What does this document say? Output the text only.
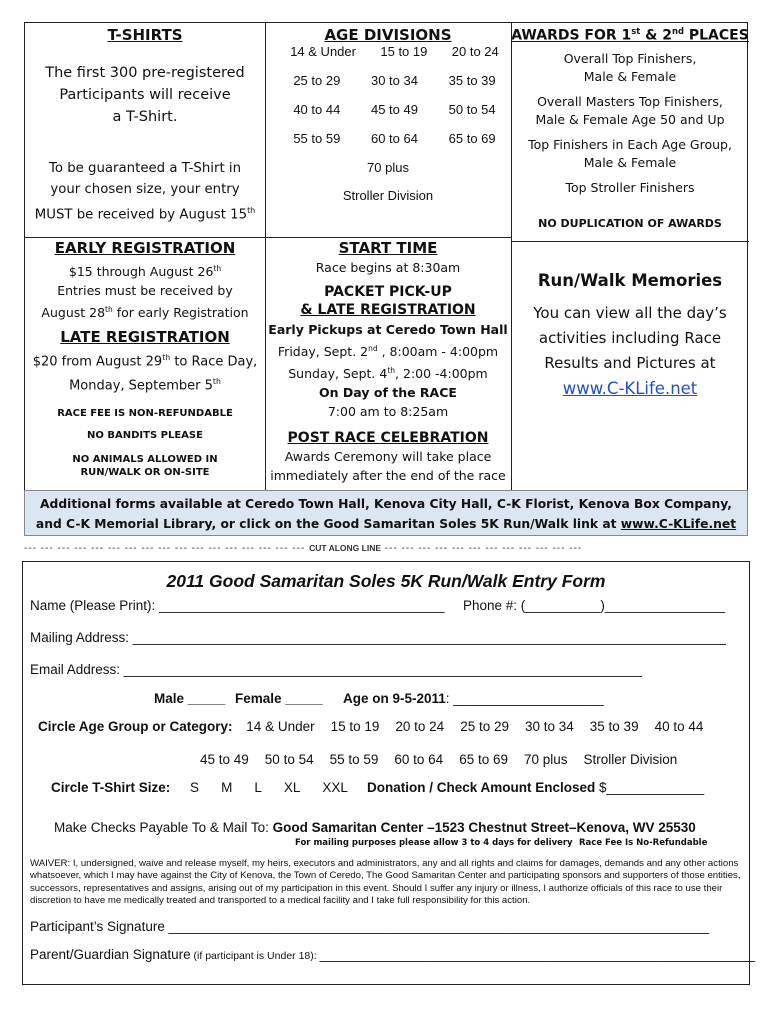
T-SHIRTS
The first 300 pre-registered
Participants will receive
a T-Shirt.
To be guaranteed a T-Shirt in
your chosen size, your entry
MUST be received by August 15th
AGE DIVISIONS
14 & Under 15 to 19 20 to 24
25 to 29 30 to 34 35 to 39
40 to 44 45 to 49 50 to 54
55 to 59 60 to 64 65 to 69
70 plus
Stroller Division
AWARDS FOR 1st & 2nd PLACES
Overall Top Finishers,
Male & Female
Overall Masters Top Finishers,
Male & Female Age 50 and Up
Top Finishers in Each Age Group,
Male & Female
Top Stroller Finishers
NO DUPLICATION OF AWARDS
EARLY REGISTRATION
$15 through August 26th
Entries must be received by
August 28th for early Registration
LATE REGISTRATION
$20 from August 29th to Race Day,
Monday, September 5th
RACE FEE IS NON-REFUNDABLE
NO BANDITS PLEASE
NO ANIMALS ALLOWED IN
RUN/WALK OR ON-SITE
START TIME
Race begins at 8:30am
PACKET PICK-UP
& LATE REGISTRATION
Early Pickups at Ceredo Town Hall
Friday, Sept. 2nd , 8:00am - 4:00pm
Sunday, Sept. 4th, 2:00 -4:00pm
On Day of the RACE
7:00 am to 8:25am
POST RACE CELEBRATION
Awards Ceremony will take place
immediately after the end of the race
Run/Walk Memories
You can view all the day’s
activities including Race
Results and Pictures at
www.C-KLife.net
Additional forms available at Ceredo Town Hall, Kenova City Hall, C-K Florist, Kenova Box Company,
and C-K Memorial Library, or click on the Good Samaritan Soles 5K Run/Walk link at www.C-KLife.net
--- --- --- --- --- --- --- --- --- --- --- --- --- --- --- --- --- CUT ALONG LINE --- --- --- --- --- --- --- --- --- --- --- ---
2011 Good Samaritan Soles 5K Run/Walk Entry Form
Name (Please Print): ______________________________________ Phone #: (__________)________________
Mailing Address: _______________________________________________________________________________
Email Address: _____________________________________________________________________
Male _____ Female _____ Age on 9-5-2011: ____________________
Circle Age Group or Category: 14 & Under 15 to 19 20 to 24 25 to 29 30 to 34 35 to 39 40 to 44
45 to 49 50 to 54 55 to 59 60 to 64 65 to 69 70 plus Stroller Division
Circle T-Shirt Size: S M L XL XXL	Donation / Check Amount Enclosed $_____________
Make Checks Payable To & Mail To: Good Samaritan Center –1523 Chestnut Street–Kenova, WV 25530
For mailing purposes please allow 3 to 4 days for delivery Race Fee Is No-Refundable
WAIVER: I, undersigned, waive and release myself, my heirs, executors and administrators, any and all rights and claims for damages, demands and any other actions whatsoever, which I may have against the City of Kenova, the Town of Ceredo, The Good Samaritan Center and participating sponsors and supporters of those entities, successors, representatives and assigns, arising out of my participation in this event. Should I suffer any injury or illness, I authorize officials of this race to use their discretion to have me medically treated and transported to a medical facility and I take full responsibility for this action.
Participant’s Signature ________________________________________________________________________
Parent/Guardian Signature (if participant is Under 18): __________________________________________________________
